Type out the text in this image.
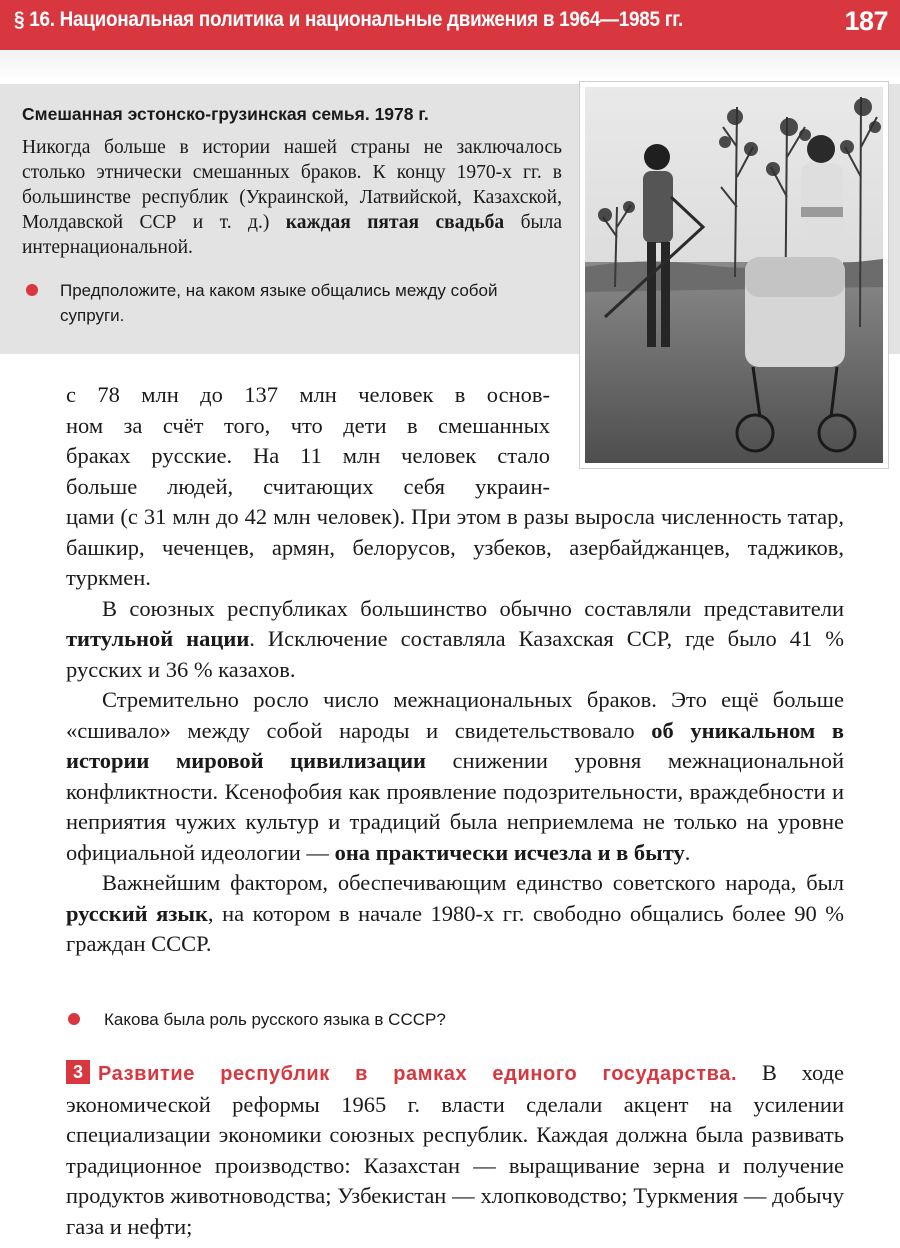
§ 16. Национальная политика и национальные движения в 1964—1985 гг.	187
Смешанная эстонско-грузинская семья. 1978 г.
Никогда больше в истории нашей страны не заключалось столько этнически смешанных браков. К концу 1970-х гг. в большинстве республик (Украинской, Латвийской, Казахской, Молдавской ССР и т. д.) каждая пятая свадьба была интернациональной.
Предположите, на каком языке общались между собой супруги.
с 78 млн до 137 млн человек в основ-
ном за счёт того, что дети в смешанных
браках русские. На 11 млн человек стало
больше людей, считающих себя украин-
цами (с 31 млн до 42 млн человек). При этом в разы выросла численность татар, башкир, чеченцев, армян, белорусов, узбеков, азербайджанцев, таджиков, туркмен.
В союзных республиках большинство обычно составляли представители титульной нации. Исключение составляла Казахская ССР, где было 41 % русских и 36 % казахов.
Стремительно росло число межнациональных браков. Это ещё больше «сшивало» между собой народы и свидетельствовало об уникальном в истории мировой цивилизации снижении уровня межнациональной конфликтности. Ксенофобия как проявление подозрительности, враждебности и неприятия чужих культур и традиций была неприемлема не только на уровне официальной идеологии — она практически исчезла и в быту.
Важнейшим фактором, обеспечивающим единство советского народа, был русский язык, на котором в начале 1980-х гг. свободно общались более 90 % граждан СССР.
Какова была роль русского языка в СССР?
3 Развитие республик в рамках единого государства. В ходе экономической реформы 1965 г. власти сделали акцент на усилении специализации экономики союзных республик. Каждая должна была развивать традиционное производство: Казахстан — выращивание зерна и получение продуктов животноводства; Узбекистан — хлопководство; Туркмения — добычу газа и нефти;
